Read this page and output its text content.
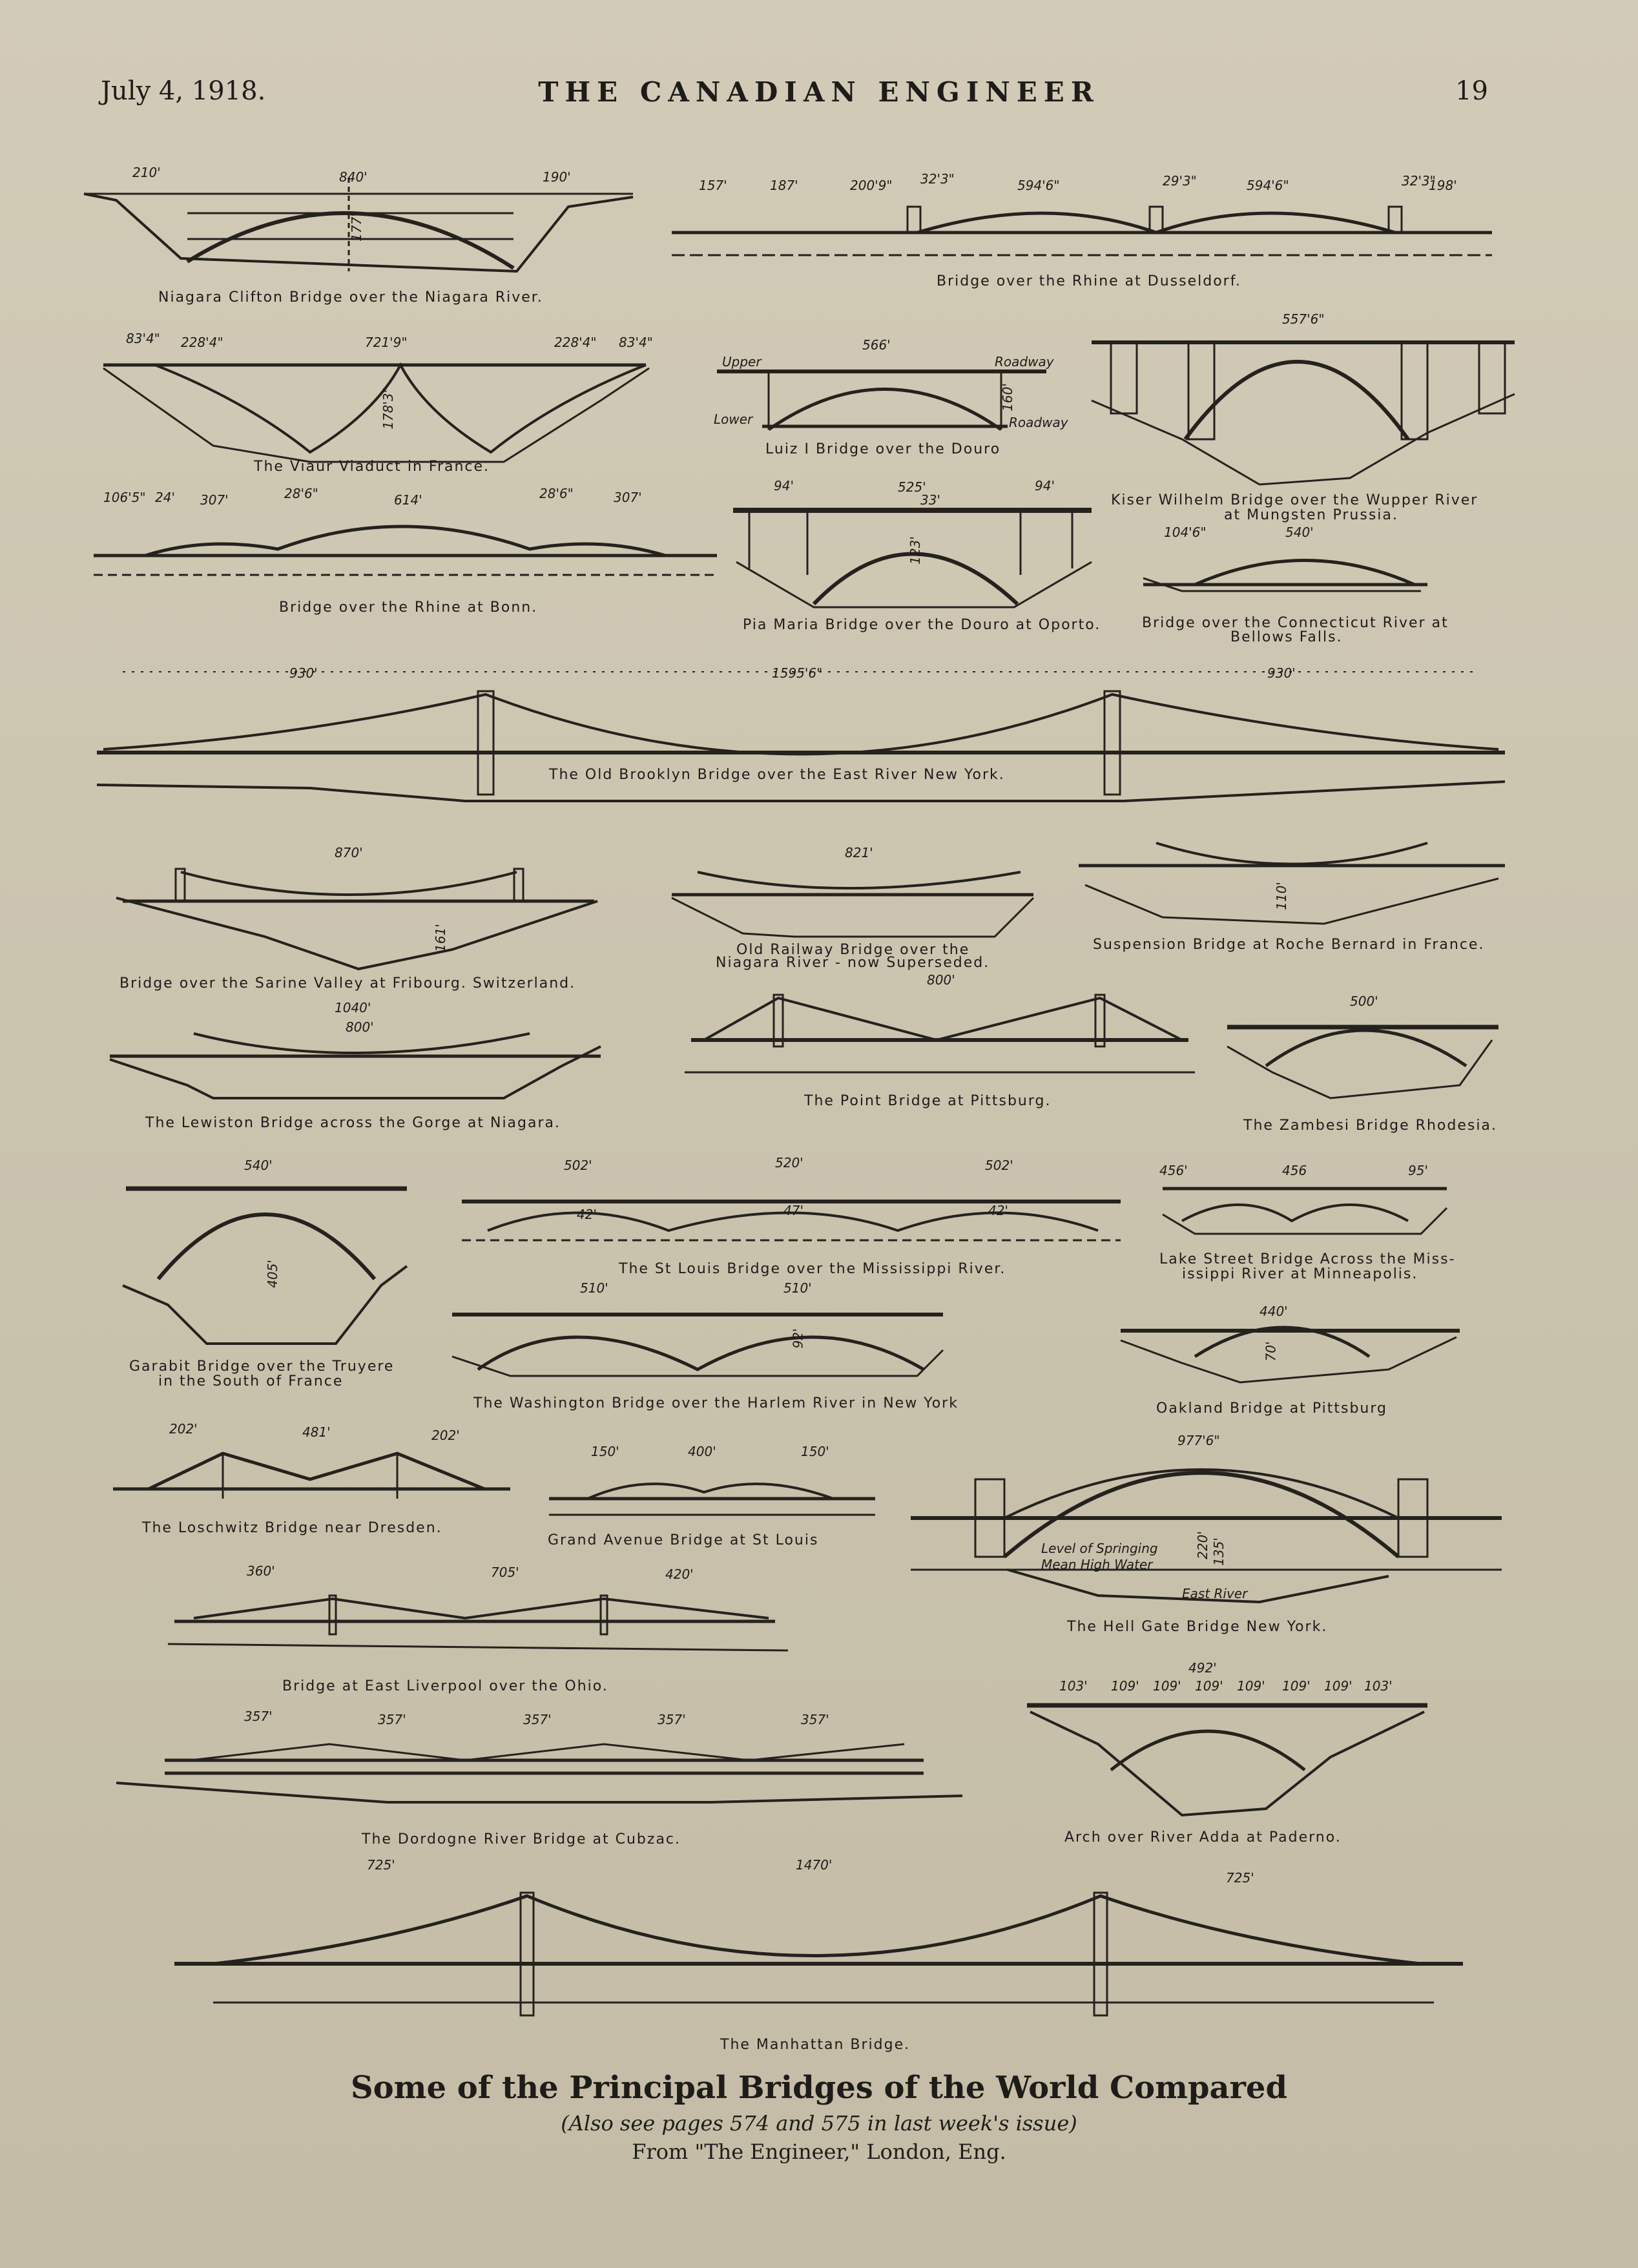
July 4, 1918.	THE CANADIAN ENGINEER	19
Niagara Clifton Bridge over the Niagara River.
Bridge over the Rhine at Dusseldorf.
The Viaur Viaduct in France.
Luiz I Bridge over the Douro
Kiser Wilhelm Bridge over the Wupper River
at Mungsten Prussia.
Bridge over the Rhine at Bonn.
Pia Maria Bridge over the Douro at Oporto.	Bridge over the Connecticut River at
Bellows Falls.
The Old Brooklyn Bridge over the East River New York.
Bridge over the Sarine Valley at Fribourg. Switzerland.
Old Railway Bridge over the
Niagara River - now Superseded.
Suspension Bridge at Roche Bernard in France.
The Lewiston Bridge across the Gorge at Niagara.
The Point Bridge at Pittsburg.
The Zambesi Bridge Rhodesia.
Garabit Bridge over the Truyere
in the South of France
The St Louis Bridge over the Mississippi River.
Lake Street Bridge Across the Miss-
issippi River at Minneapolis.
The Washington Bridge over the Harlem River in New York	Oakland Bridge at Pittsburg
The Loschwitz Bridge near Dresden.
Grand Avenue Bridge at St Louis
The Hell Gate Bridge New York.
Bridge at East Liverpool over the Ohio.
Arch over River Adda at Paderno.
The Dordogne River Bridge at Cubzac.
The Manhattan Bridge.
210'	840'	190'
177'
157'	187'	200'9" 32'3"	594'6"	29'3"	594'6"	32'3"
198'
83'4" 228'4"	721'9"	228'4" 83'4"
178'3"
566'
160'
Upper	Roadway
Lower	Roadway
557'6"
106'5" 24' 307'	28'6"	614'	28'6"	307'
94'	525'
33'
94'
123'
104'6"	540'
930'	1595'6"	930'
870'
161'
821'
110'
1040'
800'
800'
500'
540'
405'
502'	520'	502'
42'	47'	42'
456'	456	95'
510'	510'
92'
440'
70'
202'	481'	202'
150'	400'	150'
977'6"
135'
220'
Level of Springing
Mean High Water
East River
360'	705'	420'
492'
103' 109' 109' 109' 109' 109' 109' 103'
357'	357'	357'	357'	357'
725'	1470'
725'
Some of the Principal Bridges of the World Compared
(Also see pages 574 and 575 in last week's issue)
From "The Engineer," London, Eng.
